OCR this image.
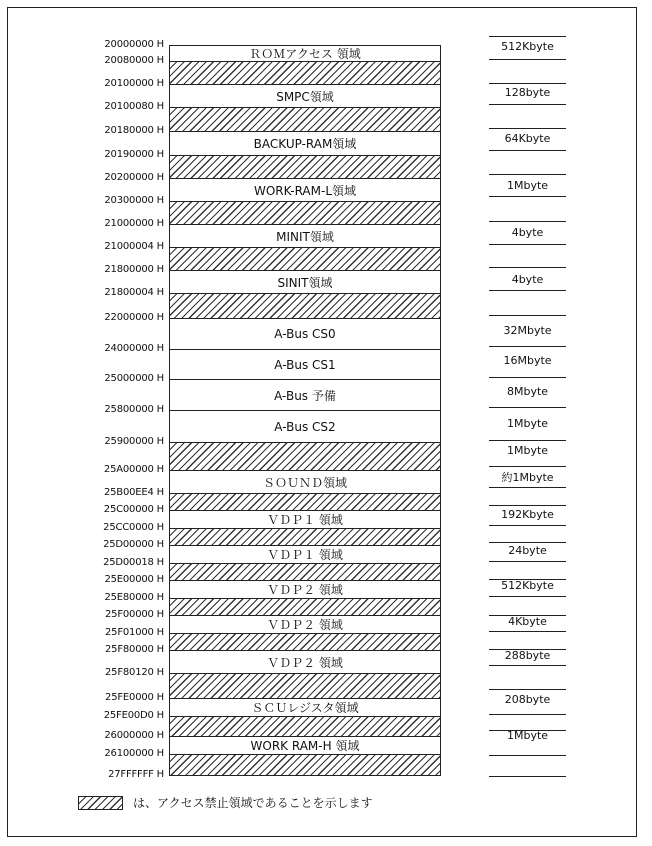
20000000 H
20080000 H
20100000 H
20100080 H
20180000 H
20190000 H
20200000 H
20300000 H
21000000 H
21000004 H
21800000 H
21800004 H
22000000 H
24000000 H
25000000 H
25800000 H
25900000 H
25A00000 H
25B00EE4 H
25C00000 H
25CC0000 H
25D00000 H
25D00018 H
25E00000 H
25E80000 H
25F00000 H
25F01000 H
25F80000 H
25F80120 H
25FE0000 H
25FE00D0 H
26000000 H
26100000 H
27FFFFFF H
ＲＯＭアクセス 領域
SMPC領域
BACKUP-RAM領域
WORK-RAM-L領域
MINIT領域
SINIT領域
A-Bus CS0
A-Bus CS1
A-Bus 予備
A-Bus CS2
ＳＯＵＮＤ領域
ＶＤＰ１ 領域
ＶＤＰ１ 領域
ＶＤＰ２ 領域
ＶＤＰ２ 領域
ＶＤＰ２ 領域
ＳＣＵレジスタ領域
WORK RAM-H 領域
512Kbyte
128byte
64Kbyte
1Mbyte
4byte
4byte
32Mbyte
16Mbyte
8Mbyte
1Mbyte
1Mbyte
約1Mbyte
192Kbyte
24byte
512Kbyte
4Kbyte
288byte
208byte
1Mbyte
は、アクセス禁止領域であることを示します
